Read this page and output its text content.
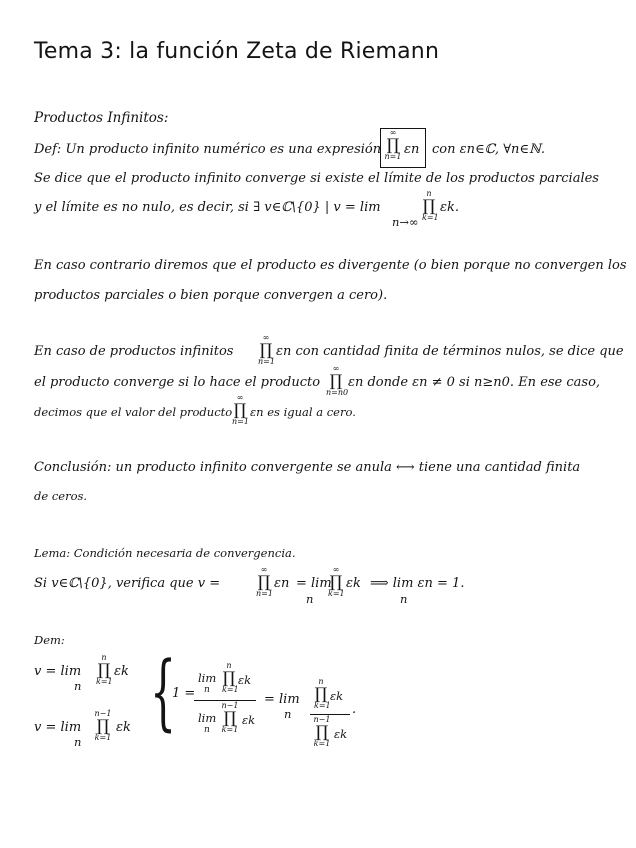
Tema 3: la función Zeta de Riemann
Productos Infinitos:
Def: Un producto infinito numérico es una expresión
∞
∏
n=1 εn con εn∈ℂ, ∀n∈ℕ.
Se dice que el producto infinito converge si existe el límite de los productos parciales
y el límite es no nulo, es decir, si ∃ v∈ℂ\{0} | v = lim
n→∞
n
∏
k=1
εk.
En caso contrario diremos que el producto es divergente (o bien porque no convergen los
productos parciales o bien porque convergen a cero).
En caso de productos infinitos
∞
∏
n=1
εn con cantidad finita de términos nulos, se dice que
el producto converge si lo hace el producto
∞
∏
n=n0
εn donde εn ≠ 0 si n≥n0. En ese caso,
decimos que el valor del producto
∞
∏
n=1
εn es igual a cero.
Conclusión: un producto infinito convergente se anula ⟷ tiene una cantidad finita
de ceros.
Lema: Condición necesaria de convergencia.
Si v∈ℂ\{0}, verifica que v =
∞
∏
n=1
εn = lim
n
∞
∏
k=1
εk ⟹ lim εn = 1.
n
Dem:
v = lim
n
n
∏
k=1
εk
v = lim
n
n−1
∏
k=1
εk {
1 =
lim
n
n
∏
k=1
εk
lim
n
n−1
∏
k=1
εk
= lim
n
n
∏
k=1
εk
n−1
∏
k=1
εk
.
